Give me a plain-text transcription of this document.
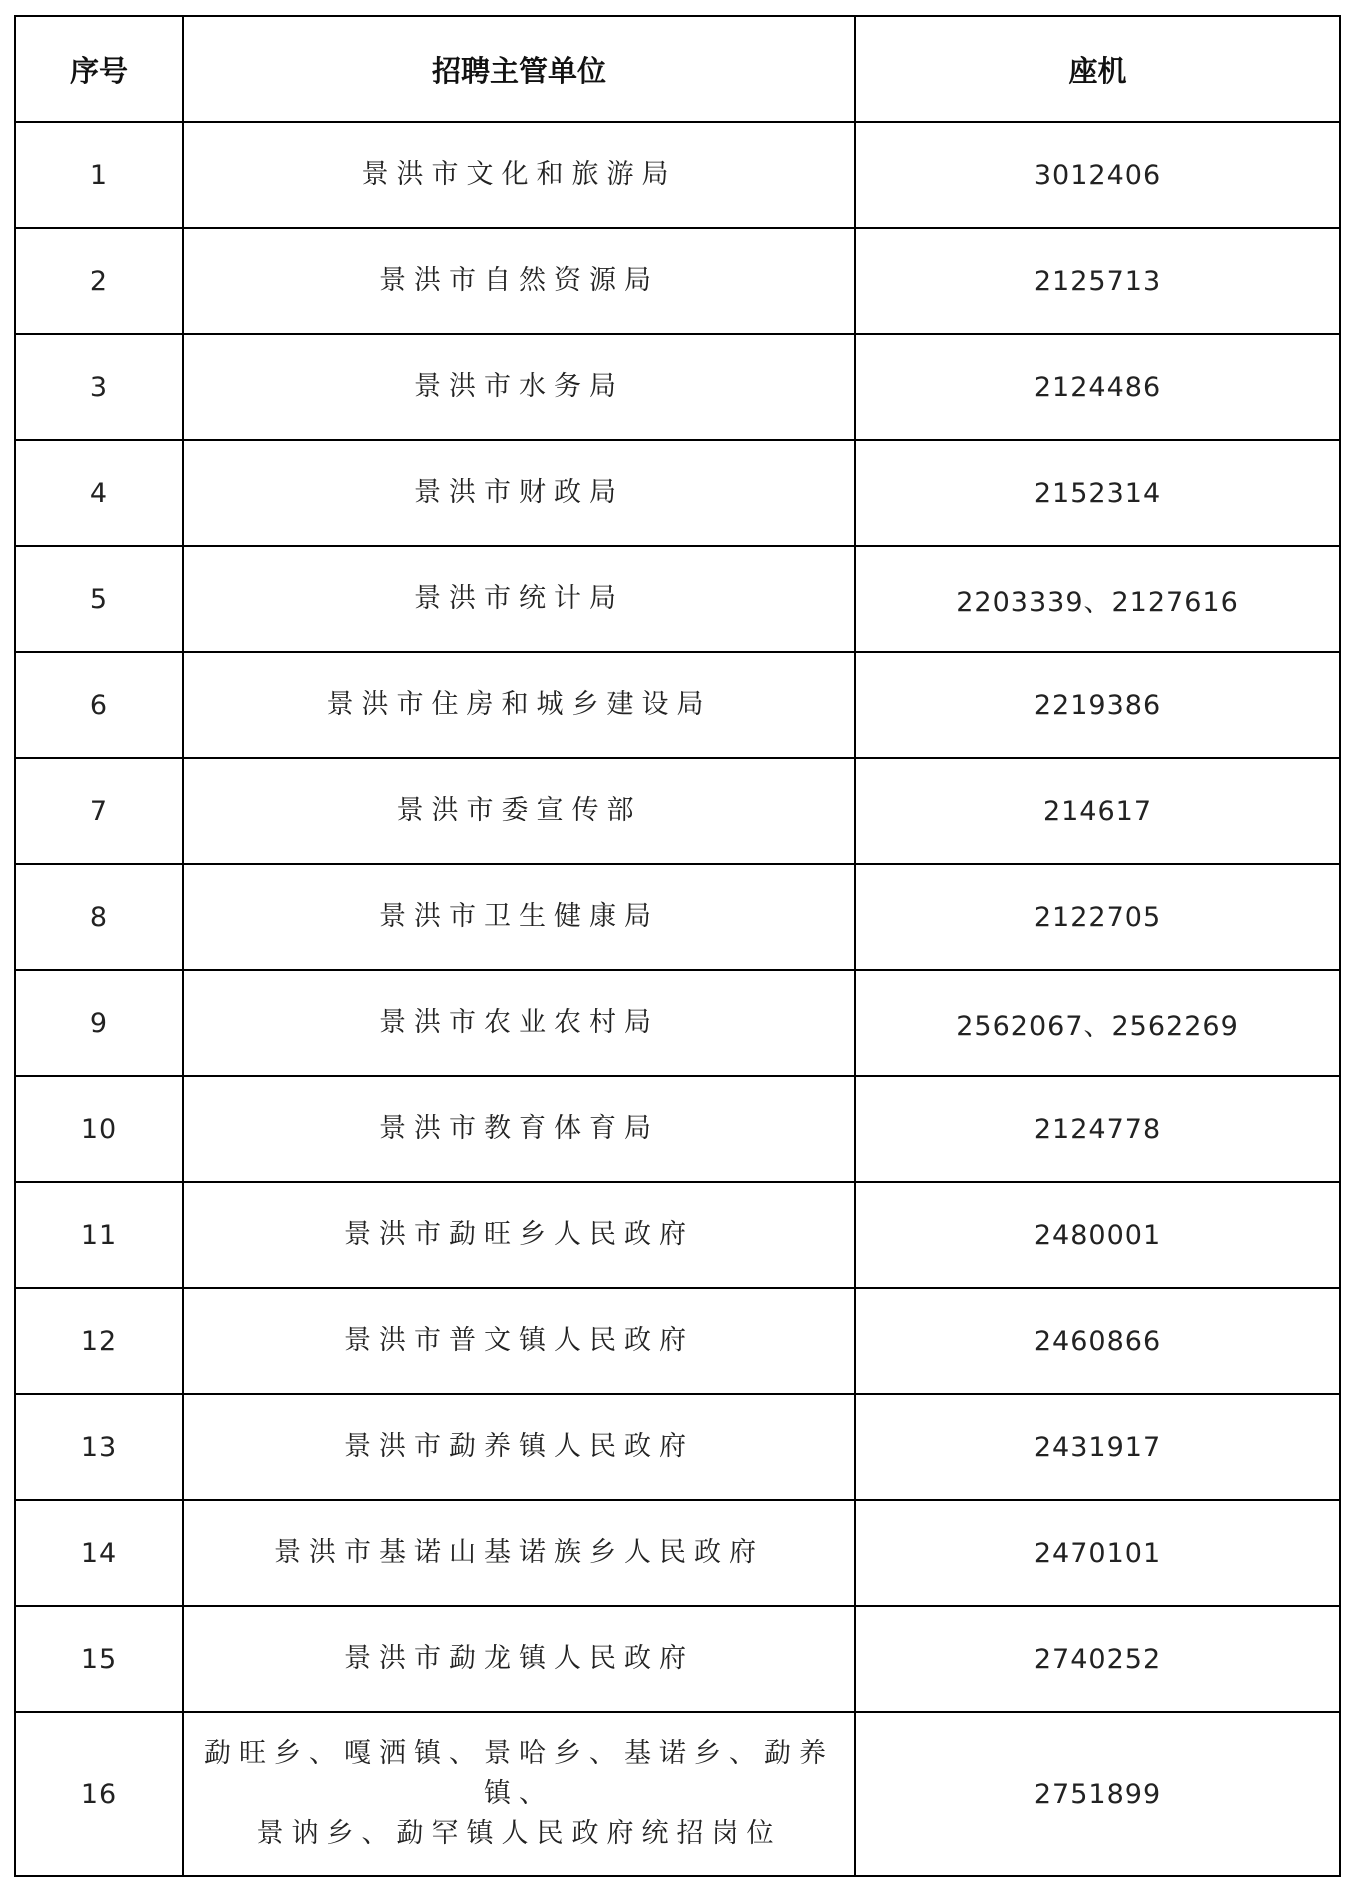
序号	招聘主管单位	座机
1	景洪市文化和旅游局	3012406
2	景洪市自然资源局	2125713
3	景洪市水务局	2124486
4	景洪市财政局	2152314
5	景洪市统计局	2203339、2127616
6	景洪市住房和城乡建设局	2219386
7	景洪市委宣传部	214617
8	景洪市卫生健康局	2122705
9	景洪市农业农村局	2562067、2562269
10	景洪市教育体育局	2124778
11	景洪市勐旺乡人民政府	2480001
12	景洪市普文镇人民政府	2460866
13	景洪市勐养镇人民政府	2431917
14	景洪市基诺山基诺族乡人民政府	2470101
15	景洪市勐龙镇人民政府	2740252
16	勐旺乡、嘎洒镇、景哈乡、基诺乡、勐养镇、
景讷乡、勐罕镇人民政府统招岗位	2751899
